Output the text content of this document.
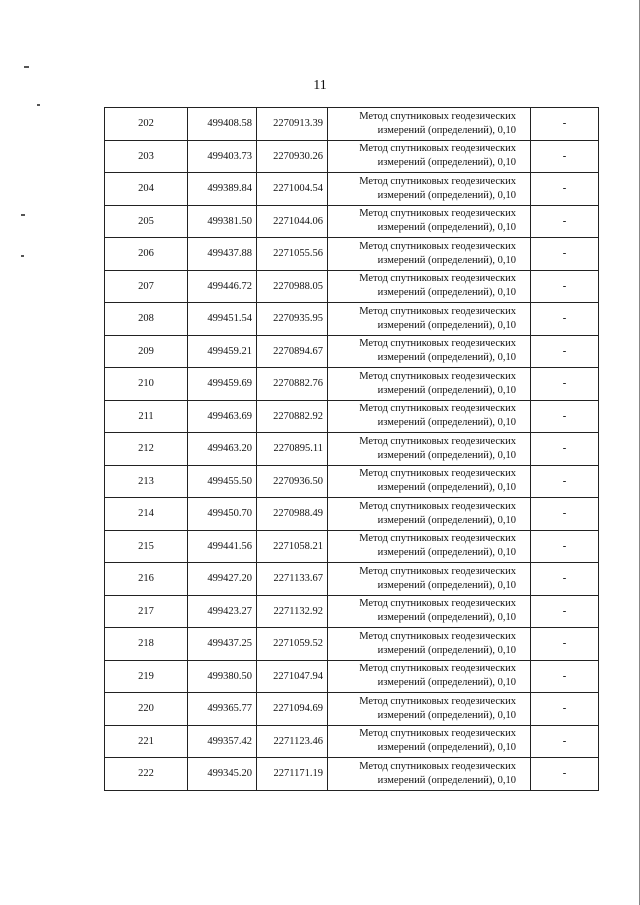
11
202	499408.58	2270913.39	Метод спутниковых геодезических
измерений (определений), 0,10	-
203	499403.73	2270930.26	Метод спутниковых геодезических
измерений (определений), 0,10	-
204	499389.84	2271004.54	Метод спутниковых геодезических
измерений (определений), 0,10	-
205	499381.50	2271044.06	Метод спутниковых геодезических
измерений (определений), 0,10	-
206	499437.88	2271055.56	Метод спутниковых геодезических
измерений (определений), 0,10	-
207	499446.72	2270988.05	Метод спутниковых геодезических
измерений (определений), 0,10	-
208	499451.54	2270935.95	Метод спутниковых геодезических
измерений (определений), 0,10	-
209	499459.21	2270894.67	Метод спутниковых геодезических
измерений (определений), 0,10	-
210	499459.69	2270882.76	Метод спутниковых геодезических
измерений (определений), 0,10	-
211	499463.69	2270882.92	Метод спутниковых геодезических
измерений (определений), 0,10	-
212	499463.20	2270895.11	Метод спутниковых геодезических
измерений (определений), 0,10	-
213	499455.50	2270936.50	Метод спутниковых геодезических
измерений (определений), 0,10	-
214	499450.70	2270988.49	Метод спутниковых геодезических
измерений (определений), 0,10	-
215	499441.56	2271058.21	Метод спутниковых геодезических
измерений (определений), 0,10	-
216	499427.20	2271133.67	Метод спутниковых геодезических
измерений (определений), 0,10	-
217	499423.27	2271132.92	Метод спутниковых геодезических
измерений (определений), 0,10	-
218	499437.25	2271059.52	Метод спутниковых геодезических
измерений (определений), 0,10	-
219	499380.50	2271047.94	Метод спутниковых геодезических
измерений (определений), 0,10	-
220	499365.77	2271094.69	Метод спутниковых геодезических
измерений (определений), 0,10	-
221	499357.42	2271123.46	Метод спутниковых геодезических
измерений (определений), 0,10	-
222	499345.20	2271171.19	Метод спутниковых геодезических
измерений (определений), 0,10	-
